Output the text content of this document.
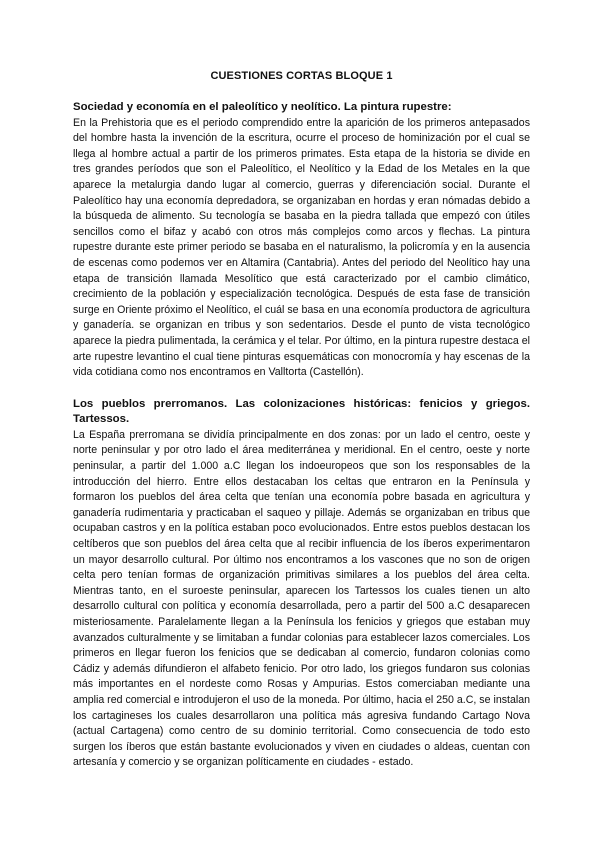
CUESTIONES CORTAS BLOQUE 1
Sociedad y economía en el paleolítico y neolítico. La pintura rupestre:

En la Prehistoria que es el periodo comprendido entre la aparición de los primeros antepasados del hombre hasta la invención de la escritura, ocurre el proceso de hominización por el cual se llega al hombre actual a partir de los primeros primates. Esta etapa de la historia se divide en tres grandes períodos que son el Paleolítico, el Neolítico y la Edad de los Metales en la que aparece la metalurgia dando lugar al comercio, guerras y diferenciación social. Durante el Paleolítico hay una economía depredadora, se organizaban en hordas y eran nómadas debido a la búsqueda de alimento. Su tecnología se basaba en la piedra tallada que empezó con útiles sencillos como el bifaz y acabó con otros más complejos como arcos y flechas. La pintura rupestre durante este primer periodo se basaba en el naturalismo, la policromía y en la ausencia de escenas como podemos ver en Altamira (Cantabria). Antes del periodo del Neolítico hay una etapa de transición llamada Mesolítico que está caracterizado por el cambio climático, crecimiento de la población y especialización tecnológica. Después de esta fase de transición surge en Oriente próximo el Neolítico, el cuál se basa en una economía productora de agricultura y ganadería. se organizan en tribus y son sedentarios. Desde el punto de vista tecnológico aparece la piedra pulimentada, la cerámica y el telar. Por último, en la pintura rupestre destaca el arte rupestre levantino el cual tiene pinturas esquemáticas con monocromía y hay escenas de la vida cotidiana como nos encontramos en Valltorta (Castellón).

Los pueblos prerromanos. Las colonizaciones históricas: fenicios y griegos. Tartessos.

La España prerromana se dividía principalmente en dos zonas: por un lado el centro, oeste y norte peninsular y por otro lado el área mediterránea y meridional. En el centro, oeste y norte peninsular, a partir del 1.000 a.C llegan los indoeuropeos que son los responsables de la introducción del hierro. Entre ellos destacaban los celtas que entraron en la Península y formaron los pueblos del área celta que tenían una economía pobre basada en agricultura y ganadería rudimentaria y practicaban el saqueo y pillaje. Además se organizaban en tribus que ocupaban castros y en la política estaban poco evolucionados. Entre estos pueblos destacan los celtíberos que son pueblos del área celta que al recibir influencia de los íberos experimentaron un mayor desarrollo cultural. Por último nos encontramos a los vascones que no son de origen celta pero tenían formas de organización primitivas similares a los pueblos del área celta. Mientras tanto, en el suroeste peninsular, aparecen los Tartessos los cuales tienen un alto desarrollo cultural con política y economía desarrollada, pero a partir del 500 a.C desaparecen misteriosamente. Paralelamente llegan a la Península los fenicios y griegos que estaban muy avanzados culturalmente y se limitaban a fundar colonias para establecer lazos comerciales. Los primeros en llegar fueron los fenicios que se dedicaban al comercio, fundaron colonias como Cádiz y además difundieron el alfabeto fenicio. Por otro lado, los griegos fundaron sus colonias más importantes en el nordeste como Rosas y Ampurias. Estos comerciaban mediante una amplia red comercial e introdujeron el uso de la moneda. Por último, hacia el 250 a.C, se instalan los cartagineses los cuales desarrollaron una política más agresiva fundando Cartago Nova (actual Cartagena) como centro de su dominio territorial. Como consecuencia de todo esto surgen los íberos que están bastante evolucionados y viven en ciudades o aldeas, cuentan con artesanía y comercio y se organizan políticamente en ciudades - estado.
